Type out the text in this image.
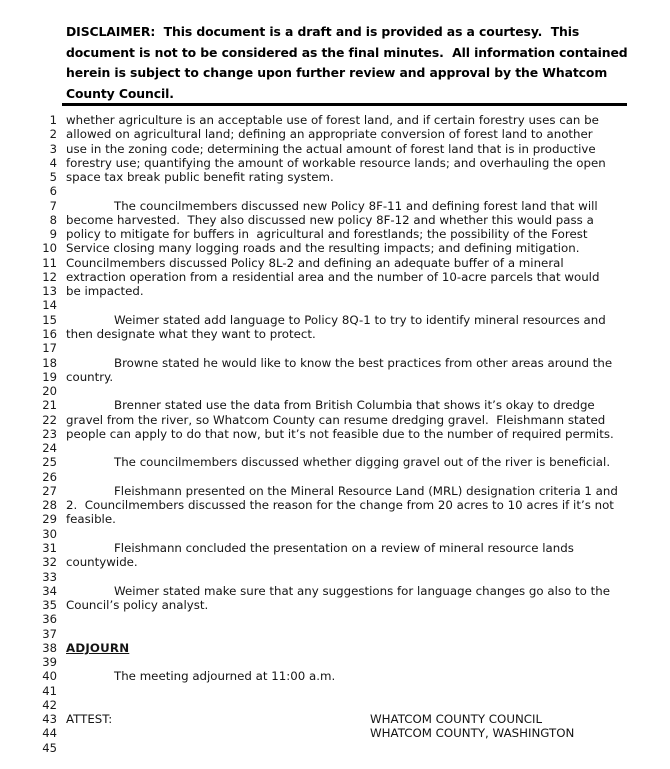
DISCLAIMER:  This document is a draft and is provided as a courtesy.  This document is not to be considered as the final minutes.  All information contained herein is subject to change upon further review and approval by the Whatcom County Council.
1
2
3
4
5
6
7
8
9
10
11
12
13
14
15
16
17
18
19
20
21
22
23
24
25
26
27
28
29
30
31
32
33
34
35
36
37
38
39
40
41
42
43
44
45
whether agriculture is an acceptable use of forest land, and if certain forestry uses can be
allowed on agricultural land; defining an appropriate conversion of forest land to another
use in the zoning code; determining the actual amount of forest land that is in productive
forestry use; quantifying the amount of workable resource lands; and overhauling the open
space tax break public benefit rating system.

The councilmembers discussed new Policy 8F-11 and defining forest land that will
become harvested.  They also discussed new policy 8F-12 and whether this would pass a
policy to mitigate for buffers in  agricultural and forestlands; the possibility of the Forest
Service closing many logging roads and the resulting impacts; and defining mitigation.
Councilmembers discussed Policy 8L-2 and defining an adequate buffer of a mineral
extraction operation from a residential area and the number of 10-acre parcels that would
be impacted.

Weimer stated add language to Policy 8Q-1 to try to identify mineral resources and
then designate what they want to protect.

Browne stated he would like to know the best practices from other areas around the
country.

Brenner stated use the data from British Columbia that shows it’s okay to dredge
gravel from the river, so Whatcom County can resume dredging gravel.  Fleishmann stated
people can apply to do that now, but it’s not feasible due to the number of required permits.

The councilmembers discussed whether digging gravel out of the river is beneficial.

Fleishmann presented on the Mineral Resource Land (MRL) designation criteria 1 and
2.  Councilmembers discussed the reason for the change from 20 acres to 10 acres if it’s not
feasible.

Fleishmann concluded the presentation on a review of mineral resource lands
countywide.

Weimer stated make sure that any suggestions for language changes go also to the
Council’s policy analyst.

ADJOURN

The meeting adjourned at 11:00 a.m.

ATTEST:	WHATCOM COUNTY COUNCIL
WHATCOM COUNTY, WASHINGTON
